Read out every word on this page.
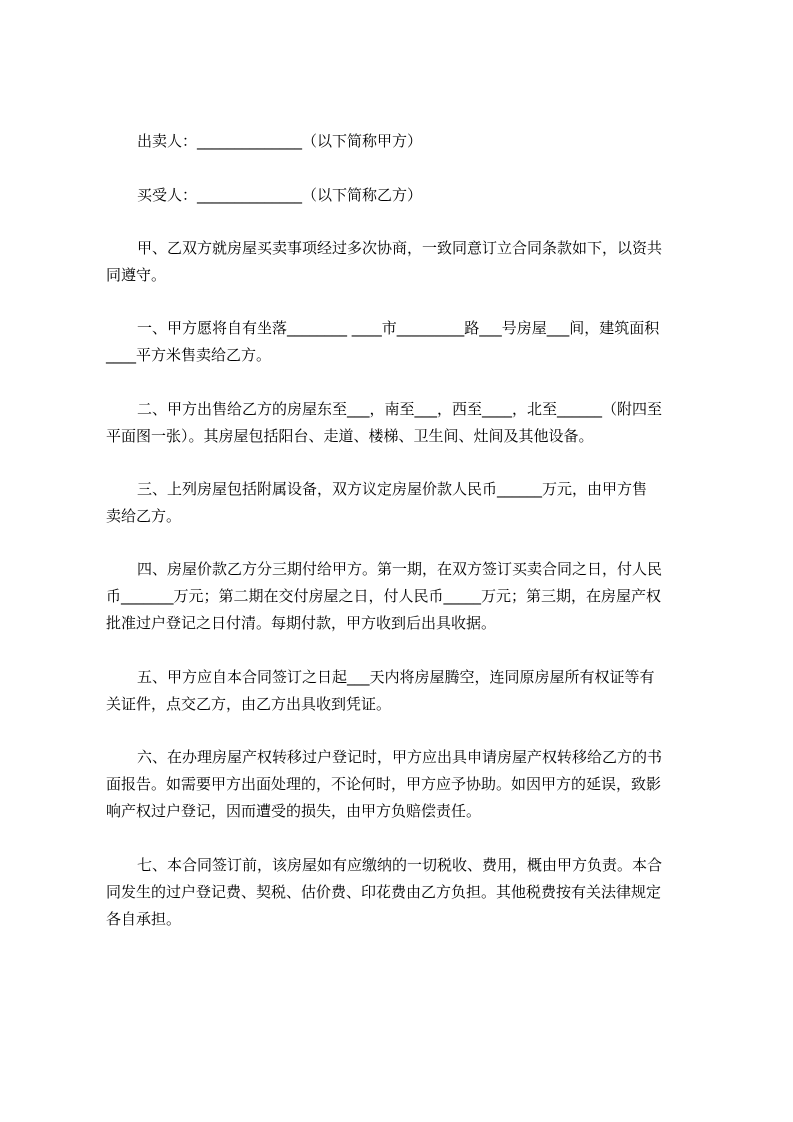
出卖人：______________（以下简称甲方）
买受人：______________（以下简称乙方）
甲、乙双方就房屋买卖事项经过多次协商，一致同意订立合同条款如下，以资共
同遵守。
一、甲方愿将自有坐落________ ____市_________路___号房屋___间，建筑面积
____平方米售卖给乙方。
二、甲方出售给乙方的房屋东至___，南至___，西至____，北至______（附四至
平面图一张）。其房屋包括阳台、走道、楼梯、卫生间、灶间及其他设备。
三、上列房屋包括附属设备，双方议定房屋价款人民币______万元，由甲方售
卖给乙方。
四、房屋价款乙方分三期付给甲方。第一期，在双方签订买卖合同之日，付人民
币_______万元；第二期在交付房屋之日，付人民币_____万元；第三期，在房屋产权
批准过户登记之日付清。每期付款，甲方收到后出具收据。
五、甲方应自本合同签订之日起___天内将房屋腾空，连同原房屋所有权证等有
关证件，点交乙方，由乙方出具收到凭证。
六、在办理房屋产权转移过户登记时，甲方应出具申请房屋产权转移给乙方的书
面报告。如需要甲方出面处理的，不论何时，甲方应予协助。如因甲方的延误，致影
响产权过户登记，因而遭受的损失，由甲方负赔偿责任。
七、本合同签订前，该房屋如有应缴纳的一切税收、费用，概由甲方负责。本合
同发生的过户登记费、契税、估价费、印花费由乙方负担。其他税费按有关法律规定
各自承担。
